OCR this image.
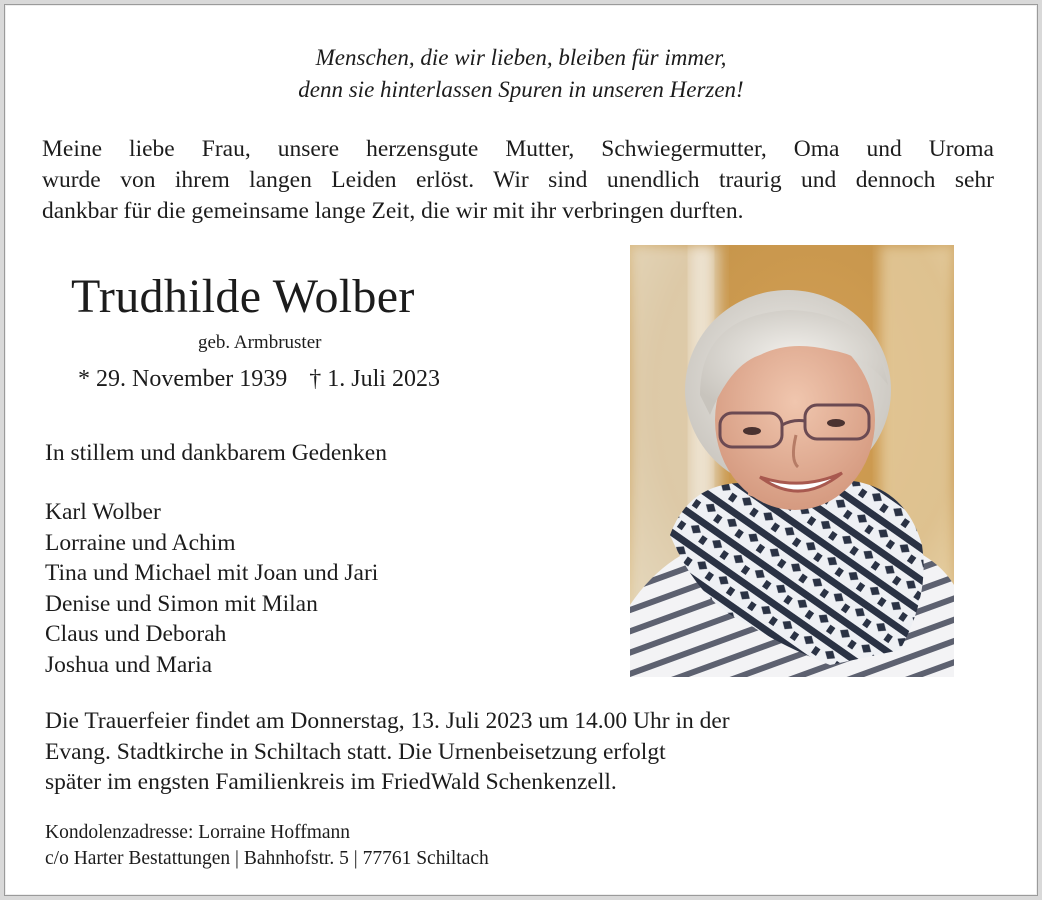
Menschen, die wir lieben, bleiben für immer,
denn sie hinterlassen Spuren in unseren Herzen!
Meine liebe Frau, unsere herzensgute Mutter, Schwiegermutter, Oma und Uroma
wurde von ihrem langen Leiden erlöst. Wir sind unendlich traurig und dennoch sehr
dankbar für die gemeinsame lange Zeit, die wir mit ihr verbringen durften.
Trudhilde Wolber
geb. Armbruster
* 29. November 1939 † 1. Juli 2023
In stillem und dankbarem Gedenken
Karl Wolber
Lorraine und Achim
Tina und Michael mit Joan und Jari
Denise und Simon mit Milan
Claus und Deborah
Joshua und Maria
Die Trauerfeier findet am Donnerstag, 13. Juli 2023 um 14.00 Uhr in der
Evang. Stadtkirche in Schiltach statt. Die Urnenbeisetzung erfolgt
später im engsten Familienkreis im FriedWald Schenkenzell.
Kondolenzadresse: Lorraine Hoffmann
c/o Harter Bestattungen | Bahnhofstr. 5 | 77761 Schiltach
